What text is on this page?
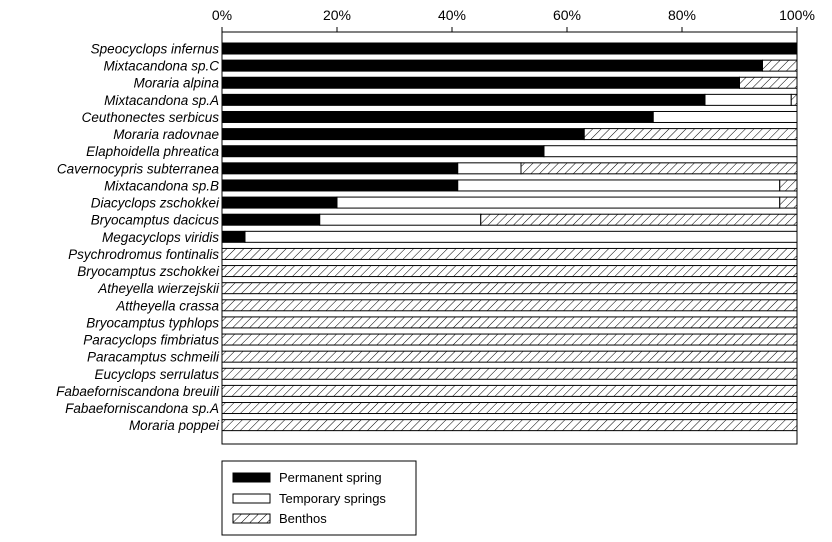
0%	20%	40%	60%	80%	100%
Speocyclops infernus
Mixtacandona sp.C
Moraria alpina
Mixtacandona sp.A
Ceuthonectes serbicus
Moraria radovnae
Elaphoidella phreatica
Cavernocypris subterranea
Mixtacandona sp.B
Diacyclops zschokkei
Bryocamptus dacicus
Megacyclops viridis
Psychrodromus fontinalis
Bryocamptus zschokkei
Atheyella wierzejskii
Attheyella crassa
Bryocamptus typhlops
Paracyclops fimbriatus
Paracamptus schmeili
Eucyclops serrulatus
Fabaeforniscandona breuili
Fabaeforniscandona sp.A
Moraria poppei
Permanent spring
Temporary springs
Benthos
